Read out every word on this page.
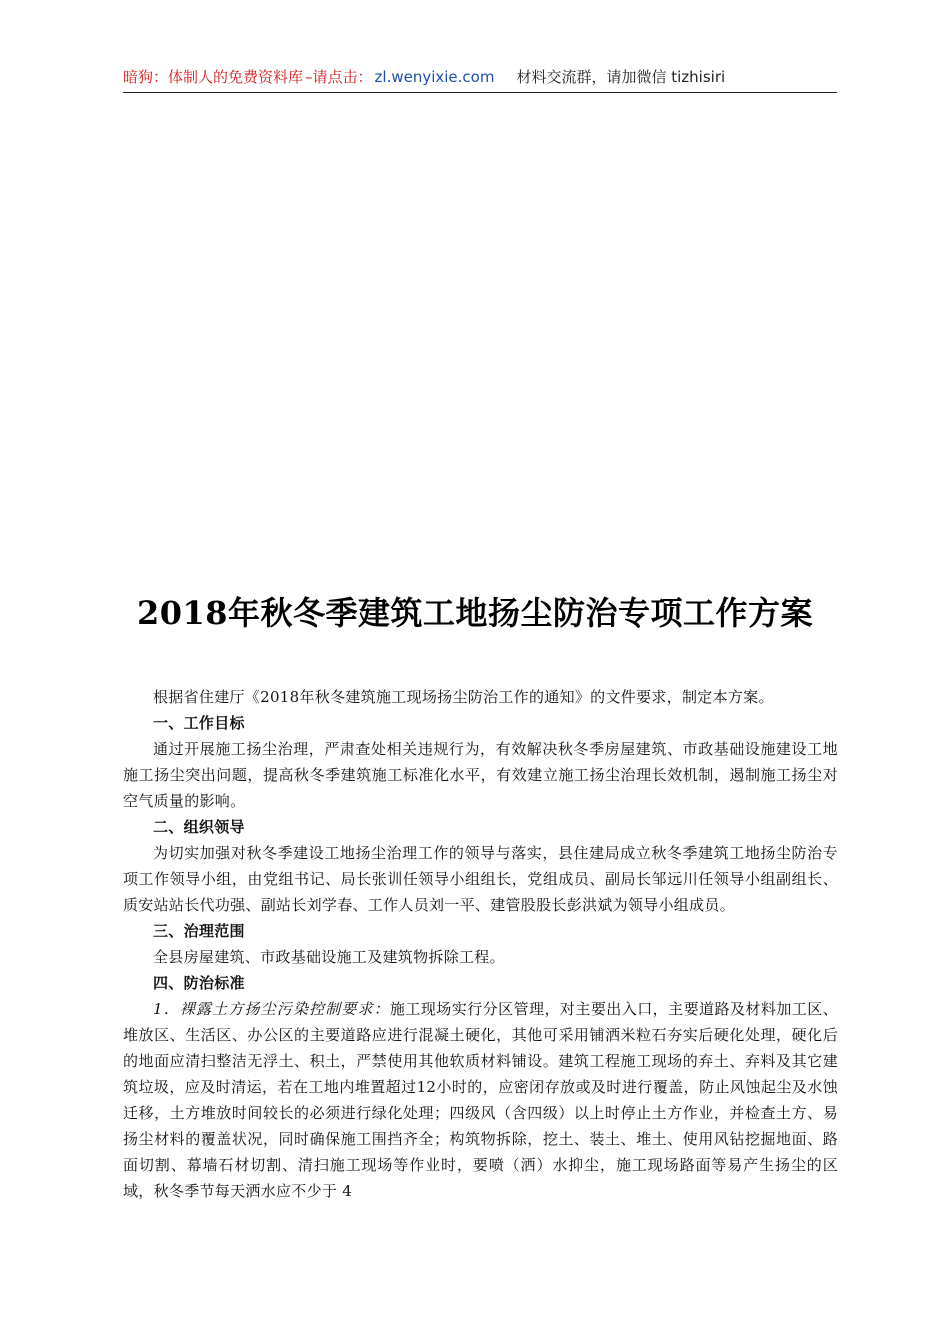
暗狗：体制人的免费资料库 –请点击： zl.wenyixie.com 材料交流群，请加微信 tizhisiri
2018年秋冬季建筑工地扬尘防治专项工作方案

根据省住建厅《2018年秋冬建筑施工现场扬尘防治工作的通知》的文件要求，制定本方案。

一、工作目标

通过开展施工扬尘治理，严肃查处相关违规行为，有效解决秋冬季房屋建筑、市政基础设施建设工地施工扬尘突出问题，提高秋冬季建筑施工标准化水平，有效建立施工扬尘治理长效机制，遏制施工扬尘对空气质量的影响。

二、组织领导

为切实加强对秋冬季建设工地扬尘治理工作的领导与落实，县住建局成立秋冬季建筑工地扬尘防治专项工作领导小组，由党组书记、局长张训任领导小组组长，党组成员、副局长邹远川任领导小组副组长、质安站站长代功强、副站长刘学春、工作人员刘一平、建管股股长彭洪斌为领导小组成员。

三、治理范围

全县房屋建筑、市政基础设施工及建筑物拆除工程。

四、防治标准

1．裸露土方扬尘污染控制要求：施工现场实行分区管理，对主要出入口，主要道路及材料加工区、堆放区、生活区、办公区的主要道路应进行混凝土硬化，其他可采用铺洒米粒石夯实后硬化处理，硬化后的地面应清扫整洁无浮土、积土，严禁使用其他软质材料铺设。建筑工程施工现场的弃土、弃料及其它建筑垃圾，应及时清运，若在工地内堆置超过12小时的，应密闭存放或及时进行覆盖，防止风蚀起尘及水蚀迁移，土方堆放时间较长的必须进行绿化处理；四级风（含四级）以上时停止土方作业，并检查土方、易扬尘材料的覆盖状况，同时确保施工围挡齐全；构筑物拆除，挖土、装土、堆土、使用风钻挖掘地面、路面切割、幕墙石材切割、清扫施工现场等作业时，要喷（洒）水抑尘，施工现场路面等易产生扬尘的区域，秋冬季节每天洒水应不少于 4
